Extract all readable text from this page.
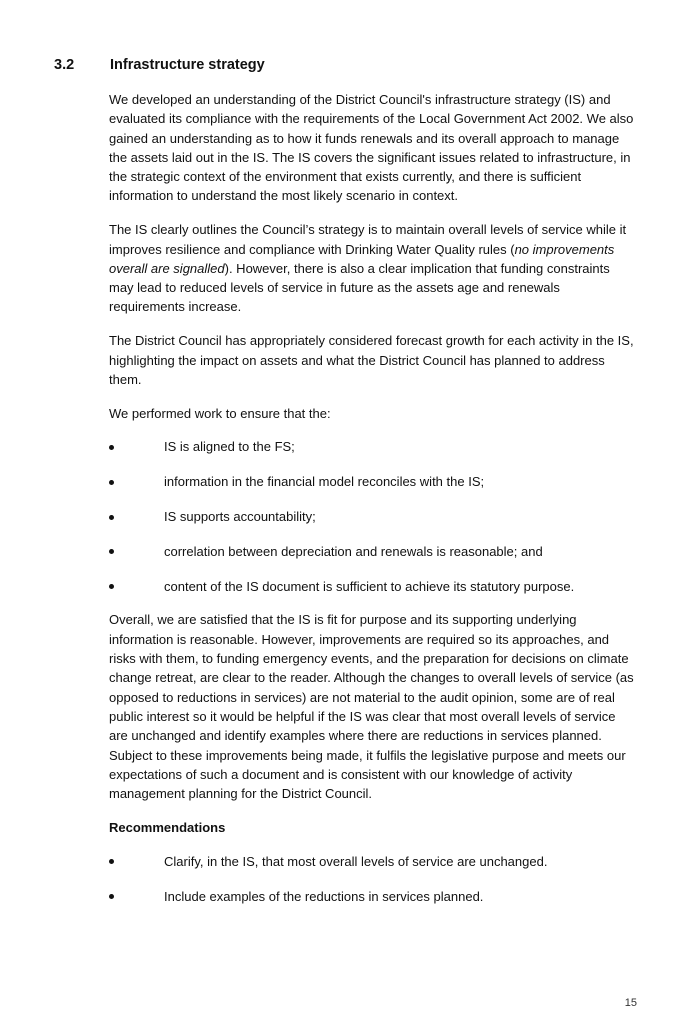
3.2 Infrastructure strategy

We developed an understanding of the District Council's infrastructure strategy (IS) and evaluated its compliance with the requirements of the Local Government Act 2002. We also gained an understanding as to how it funds renewals and its overall approach to manage the assets laid out in the IS. The IS covers the significant issues related to infrastructure, in the strategic context of the environment that exists currently, and there is sufficient information to understand the most likely scenario in context.

The IS clearly outlines the Council’s strategy is to maintain overall levels of service while it improves resilience and compliance with Drinking Water Quality rules (no improvements overall are signalled). However, there is also a clear implication that funding constraints may lead to reduced levels of service in future as the assets age and renewals requirements increase.

The District Council has appropriately considered forecast growth for each activity in the IS, highlighting the impact on assets and what the District Council has planned to address them.

We performed work to ensure that the:

IS is aligned to the FS;
information in the financial model reconciles with the IS;
IS supports accountability;
correlation between depreciation and renewals is reasonable; and
content of the IS document is sufficient to achieve its statutory purpose.

Overall, we are satisfied that the IS is fit for purpose and its supporting underlying information is reasonable. However, improvements are required so its approaches, and risks with them, to funding emergency events, and the preparation for decisions on climate change retreat, are clear to the reader. Although the changes to overall levels of service (as opposed to reductions in services) are not material to the audit opinion, some are of real public interest so it would be helpful if the IS was clear that most overall levels of service are unchanged and identify examples where there are reductions in services planned. Subject to these improvements being made, it fulfils the legislative purpose and meets our expectations of such a document and is consistent with our knowledge of activity management planning for the District Council.

Recommendations

Clarify, in the IS, that most overall levels of service are unchanged.
Include examples of the reductions in services planned.
15
